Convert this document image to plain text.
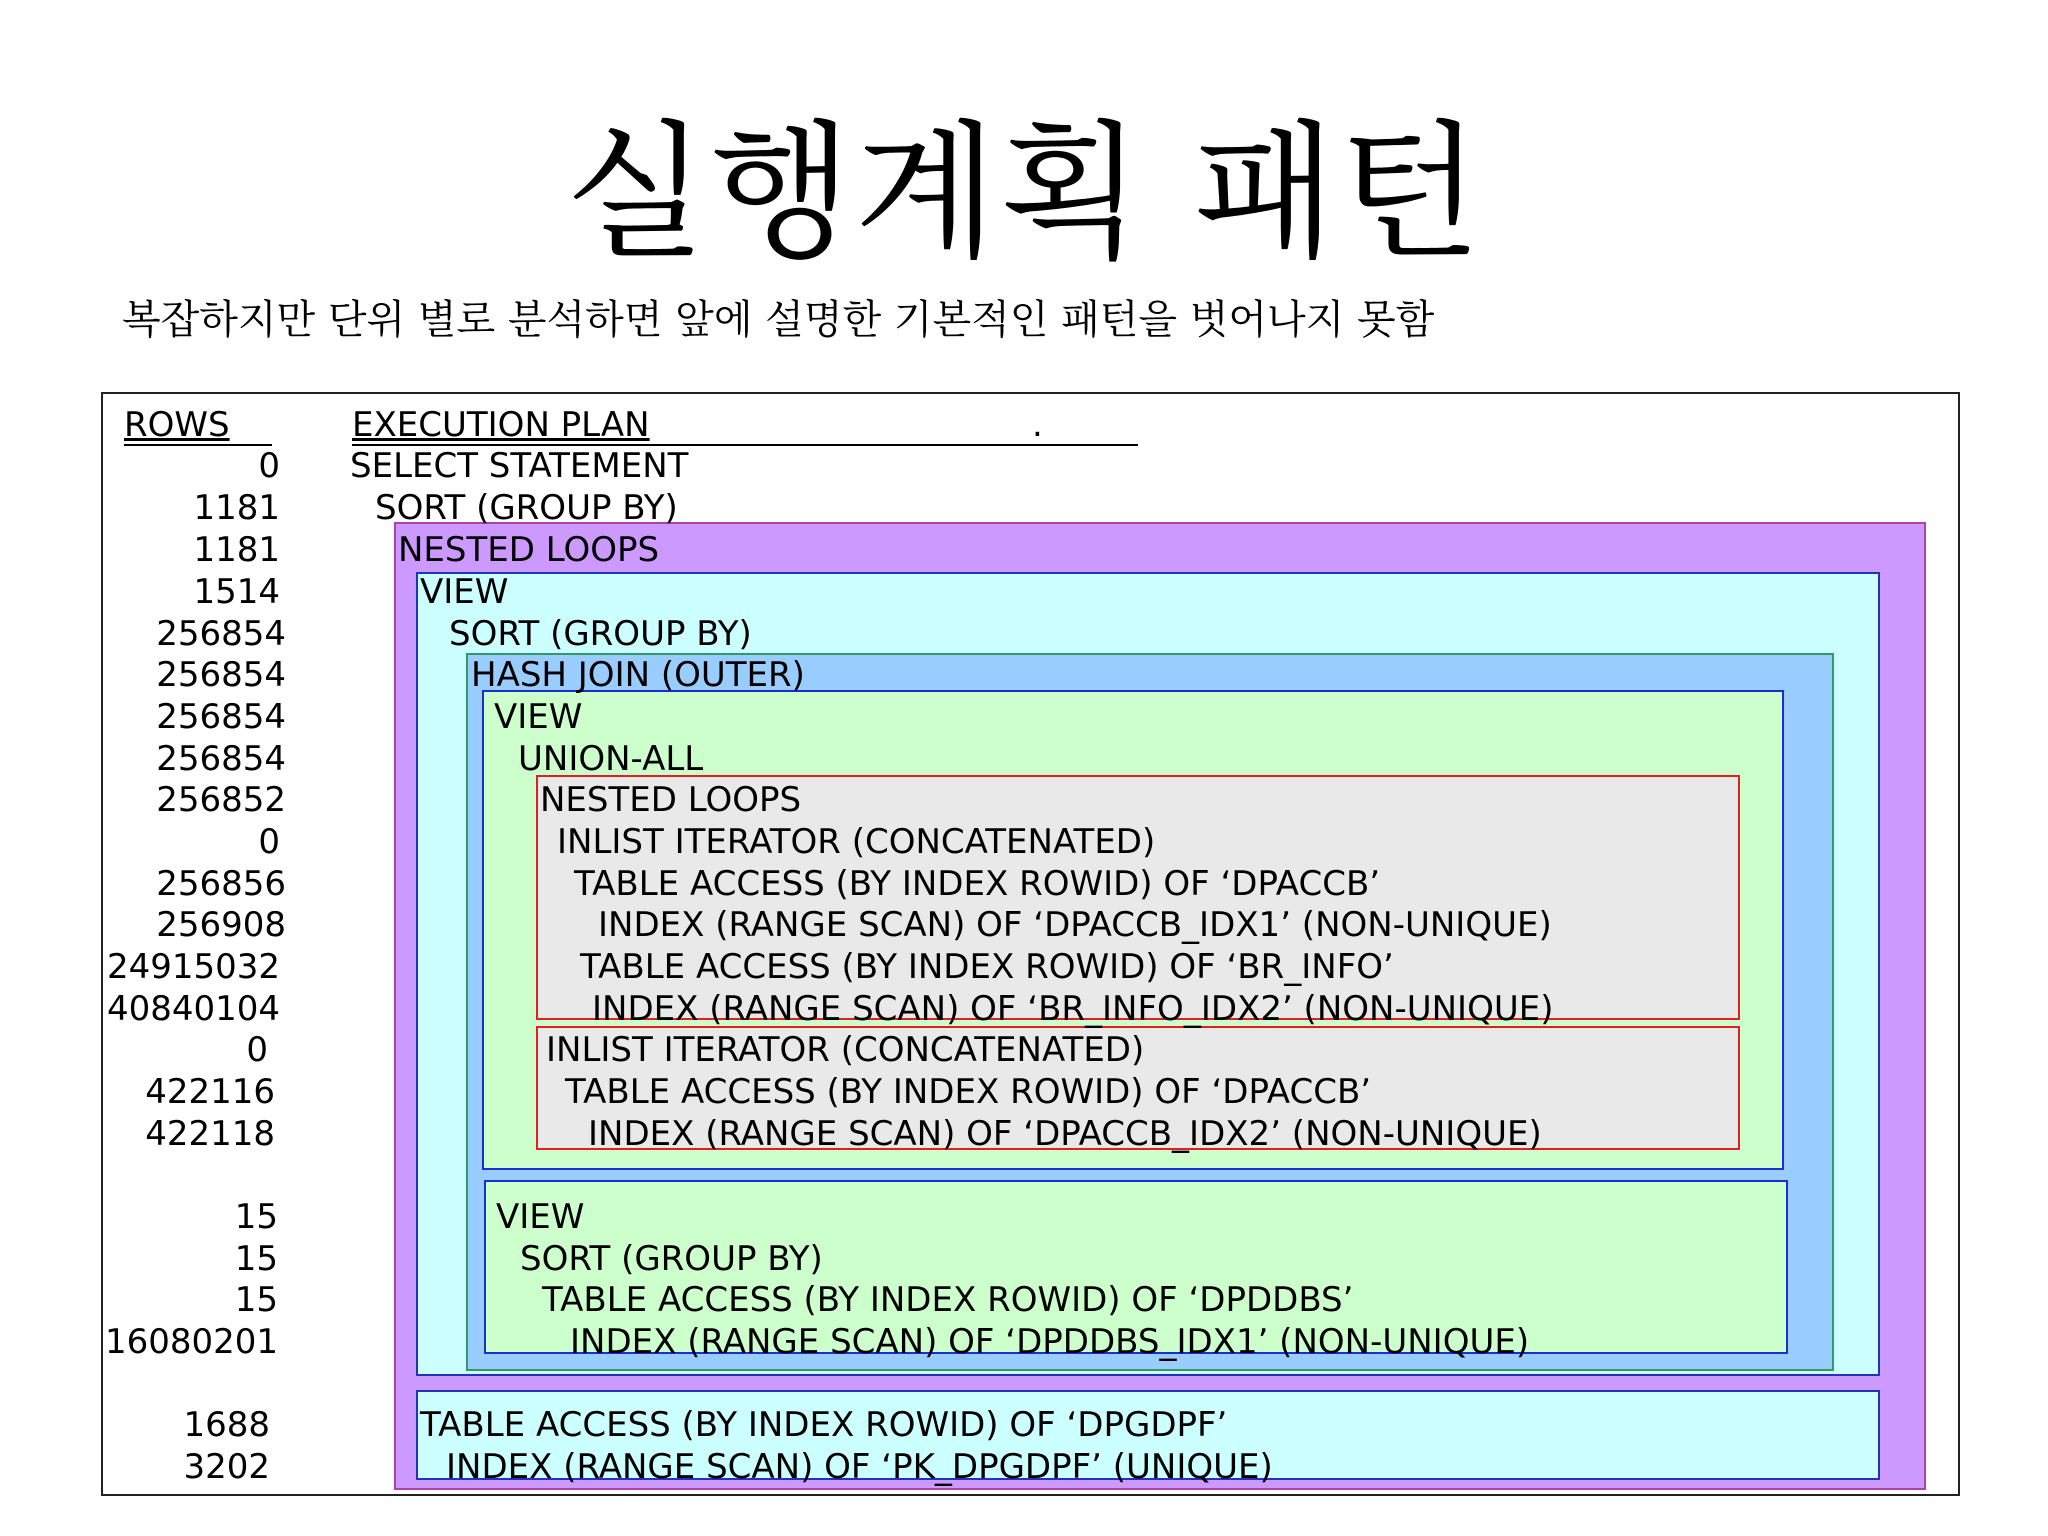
실행계획 패턴
복잡하지만 단위 별로 분석하면 앞에 설명한 기본적인 패턴을 벗어나지 못함
ROWS	EXECUTION PLAN	.
0
1181
1181
1514
256854
256854
256854
256854
256852
0
256856
256908
24915032
40840104
0
422116
422118
15
15
15
16080201
1688
3202
SELECT STATEMENT
SORT (GROUP BY)
NESTED LOOPS
VIEW
SORT (GROUP BY)
HASH JOIN (OUTER)
VIEW
UNION-ALL
NESTED LOOPS
INLIST ITERATOR (CONCATENATED)
TABLE ACCESS (BY INDEX ROWID) OF ‘DPACCB’
INDEX (RANGE SCAN) OF ‘DPACCB_IDX1’ (NON-UNIQUE)
TABLE ACCESS (BY INDEX ROWID) OF ‘BR_INFO’
INDEX (RANGE SCAN) OF ‘BR_INFO_IDX2’ (NON-UNIQUE)
INLIST ITERATOR (CONCATENATED)
TABLE ACCESS (BY INDEX ROWID) OF ‘DPACCB’
INDEX (RANGE SCAN) OF ‘DPACCB_IDX2’ (NON-UNIQUE)
VIEW
SORT (GROUP BY)
TABLE ACCESS (BY INDEX ROWID) OF ‘DPDDBS’
INDEX (RANGE SCAN) OF ‘DPDDBS_IDX1’ (NON-UNIQUE)
TABLE ACCESS (BY INDEX ROWID) OF ‘DPGDPF’
INDEX (RANGE SCAN) OF ‘PK_DPGDPF’ (UNIQUE)
